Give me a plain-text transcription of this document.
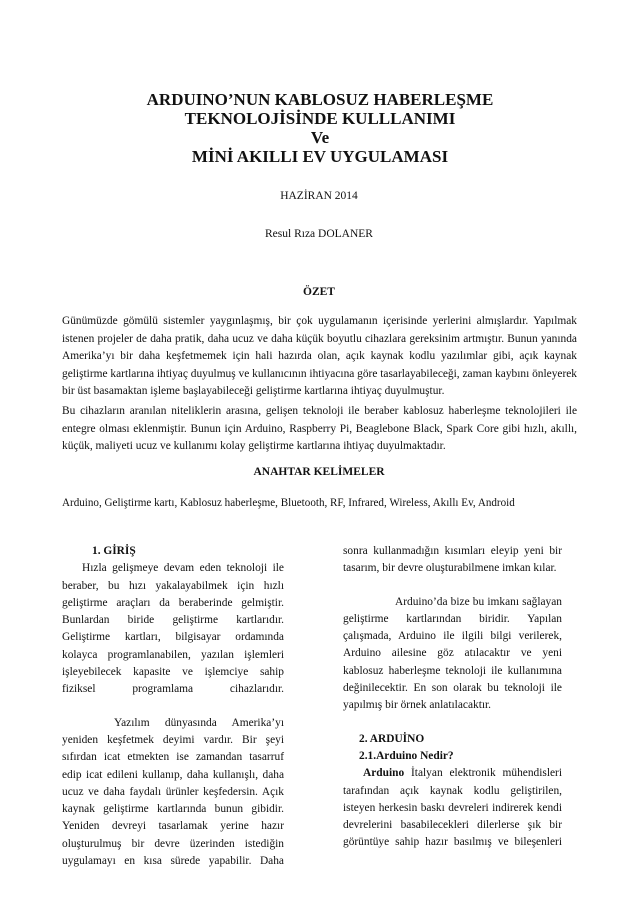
ARDUINO’NUN KABLOSUZ HABERLEŞME
TEKNOLOJİSİNDE KULLLANIMI
Ve
MİNİ AKILLI EV UYGULAMASI
HAZİRAN 2014
Resul Rıza DOLANER
ÖZET
Günümüzde gömülü sistemler yaygınlaşmış, bir çok uygulamanın içerisinde yerlerini almışlardır. Yapılmak istenen projeler de daha pratik, daha ucuz ve daha küçük boyutlu cihazlara gereksinim artmıştır. Bunun yanında Amerika’yı bir daha keşfetmemek için hali hazırda olan, açık kaynak kodlu yazılımlar gibi, açık kaynak geliştirme kartlarına ihtiyaç duyulmuş ve kullanıcının ihtiyacına göre tasarlayabileceği, zaman kaybını önleyerek bir üst basamaktan işleme başlayabileceği geliştirme kartlarına ihtiyaç duyulmuştur.
Bu cihazların aranılan niteliklerin arasına, gelişen teknoloji ile beraber kablosuz haberleşme teknolojileri ile entegre olması eklenmiştir. Bunun için Arduino, Raspberry Pi, Beaglebone Black, Spark Core gibi hızlı, akıllı, küçük, maliyeti ucuz ve kullanımı kolay geliştirme kartlarına ihtiyaç duyulmaktadır.
ANAHTAR KELİMELER
Arduino, Geliştirme kartı, Kablosuz haberleşme, Bluetooth, RF, Infrared, Wireless, Akıllı Ev, Android

1. GİRİŞ

Hızla gelişmeye devam eden teknoloji ile beraber, bu hızı yakalayabilmek için hızlı geliştirme araçları da beraberinde gelmiştir. Bunlardan biride geliştirme kartlarıdır. Geliştirme kartları, bilgisayar ordamında kolayca programlanabilen, yazılan işlemleri işleyebilecek kapasite ve işlemciye sahip fiziksel programlama cihazlarıdır.

Yazılım dünyasında Amerika’yı yeniden keşfetmek deyimi vardır. Bir şeyi sıfırdan icat etmekten ise zamandan tasarruf edip icat edileni kullanıp, daha kullanışlı, daha ucuz ve daha faydalı ürünler keşfedersin. Açık kaynak geliştirme kartlarında bunun gibidir. Yeniden devreyi tasarlamak yerine hazır oluşturulmuş bir devre üzerinden istediğin uygulamayı en kısa sürede yapabilir. Daha

sonra kullanmadığın kısımları eleyip yeni bir tasarım, bir devre oluşturabilmene imkan kılar.

Arduino’da bize bu imkanı sağlayan geliştirme kartlarından biridir. Yapılan çalışmada, Arduino ile ilgili bilgi verilerek, Arduino ailesine göz atılacaktır ve yeni kablosuz haberleşme teknoloji ile kullanımına değinilecektir. En son olarak bu teknoloji ile yapılmış bir örnek anlatılacaktır.

2. ARDUİNO

2.1.Arduino Nedir?

Arduino İtalyan elektronik mühendisleri tarafından açık kaynak kodlu geliştirilen, isteyen herkesin baskı devreleri indirerek kendi devrelerini basabilecekleri dilerlerse şık bir görüntüye sahip hazır basılmış ve bileşenleri
